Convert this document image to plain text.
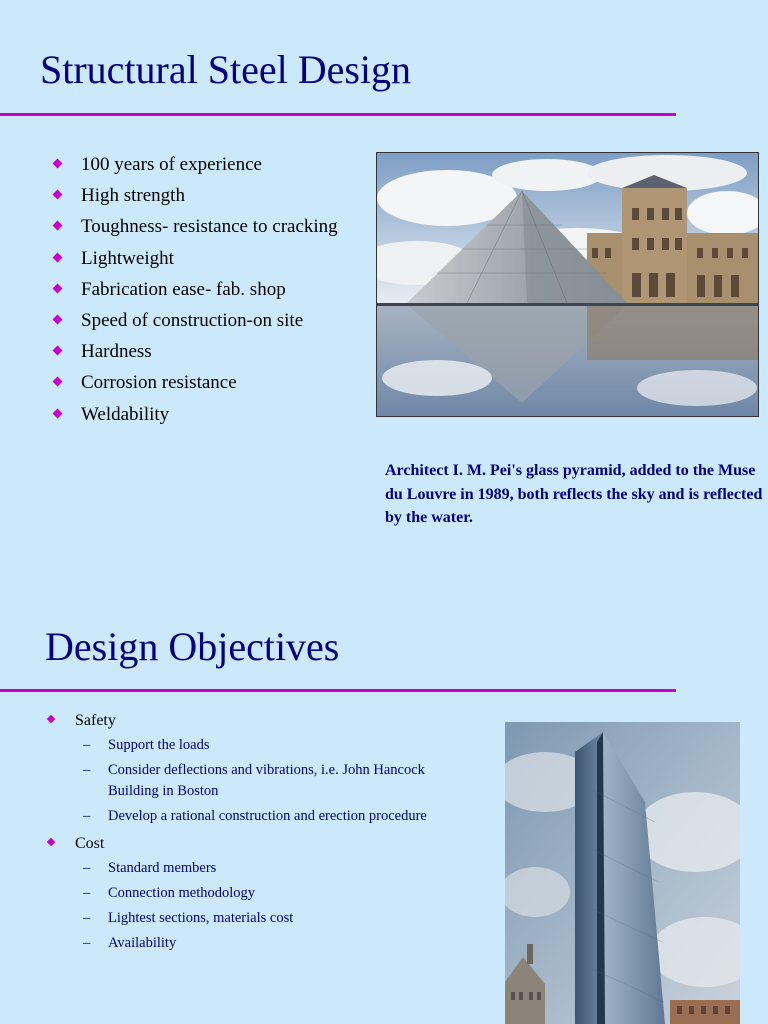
Structural Steel Design
100 years of experience
High strength
Toughness- resistance to cracking
Lightweight
Fabrication ease- fab. shop
Speed of construction-on site
Hardness
Corrosion resistance
Weldability
Architect I. M. Pei's glass pyramid, added to the Muse du Louvre in 1989, both reflects the sky and is reflected by the water.
Design Objectives
Safety
– Support the loads
– Consider deflections and vibrations, i.e. John Hancock Building in Boston
– Develop a rational construction and erection procedure
Cost
– Standard members
– Connection methodology
– Lightest sections, materials cost
– Availability
